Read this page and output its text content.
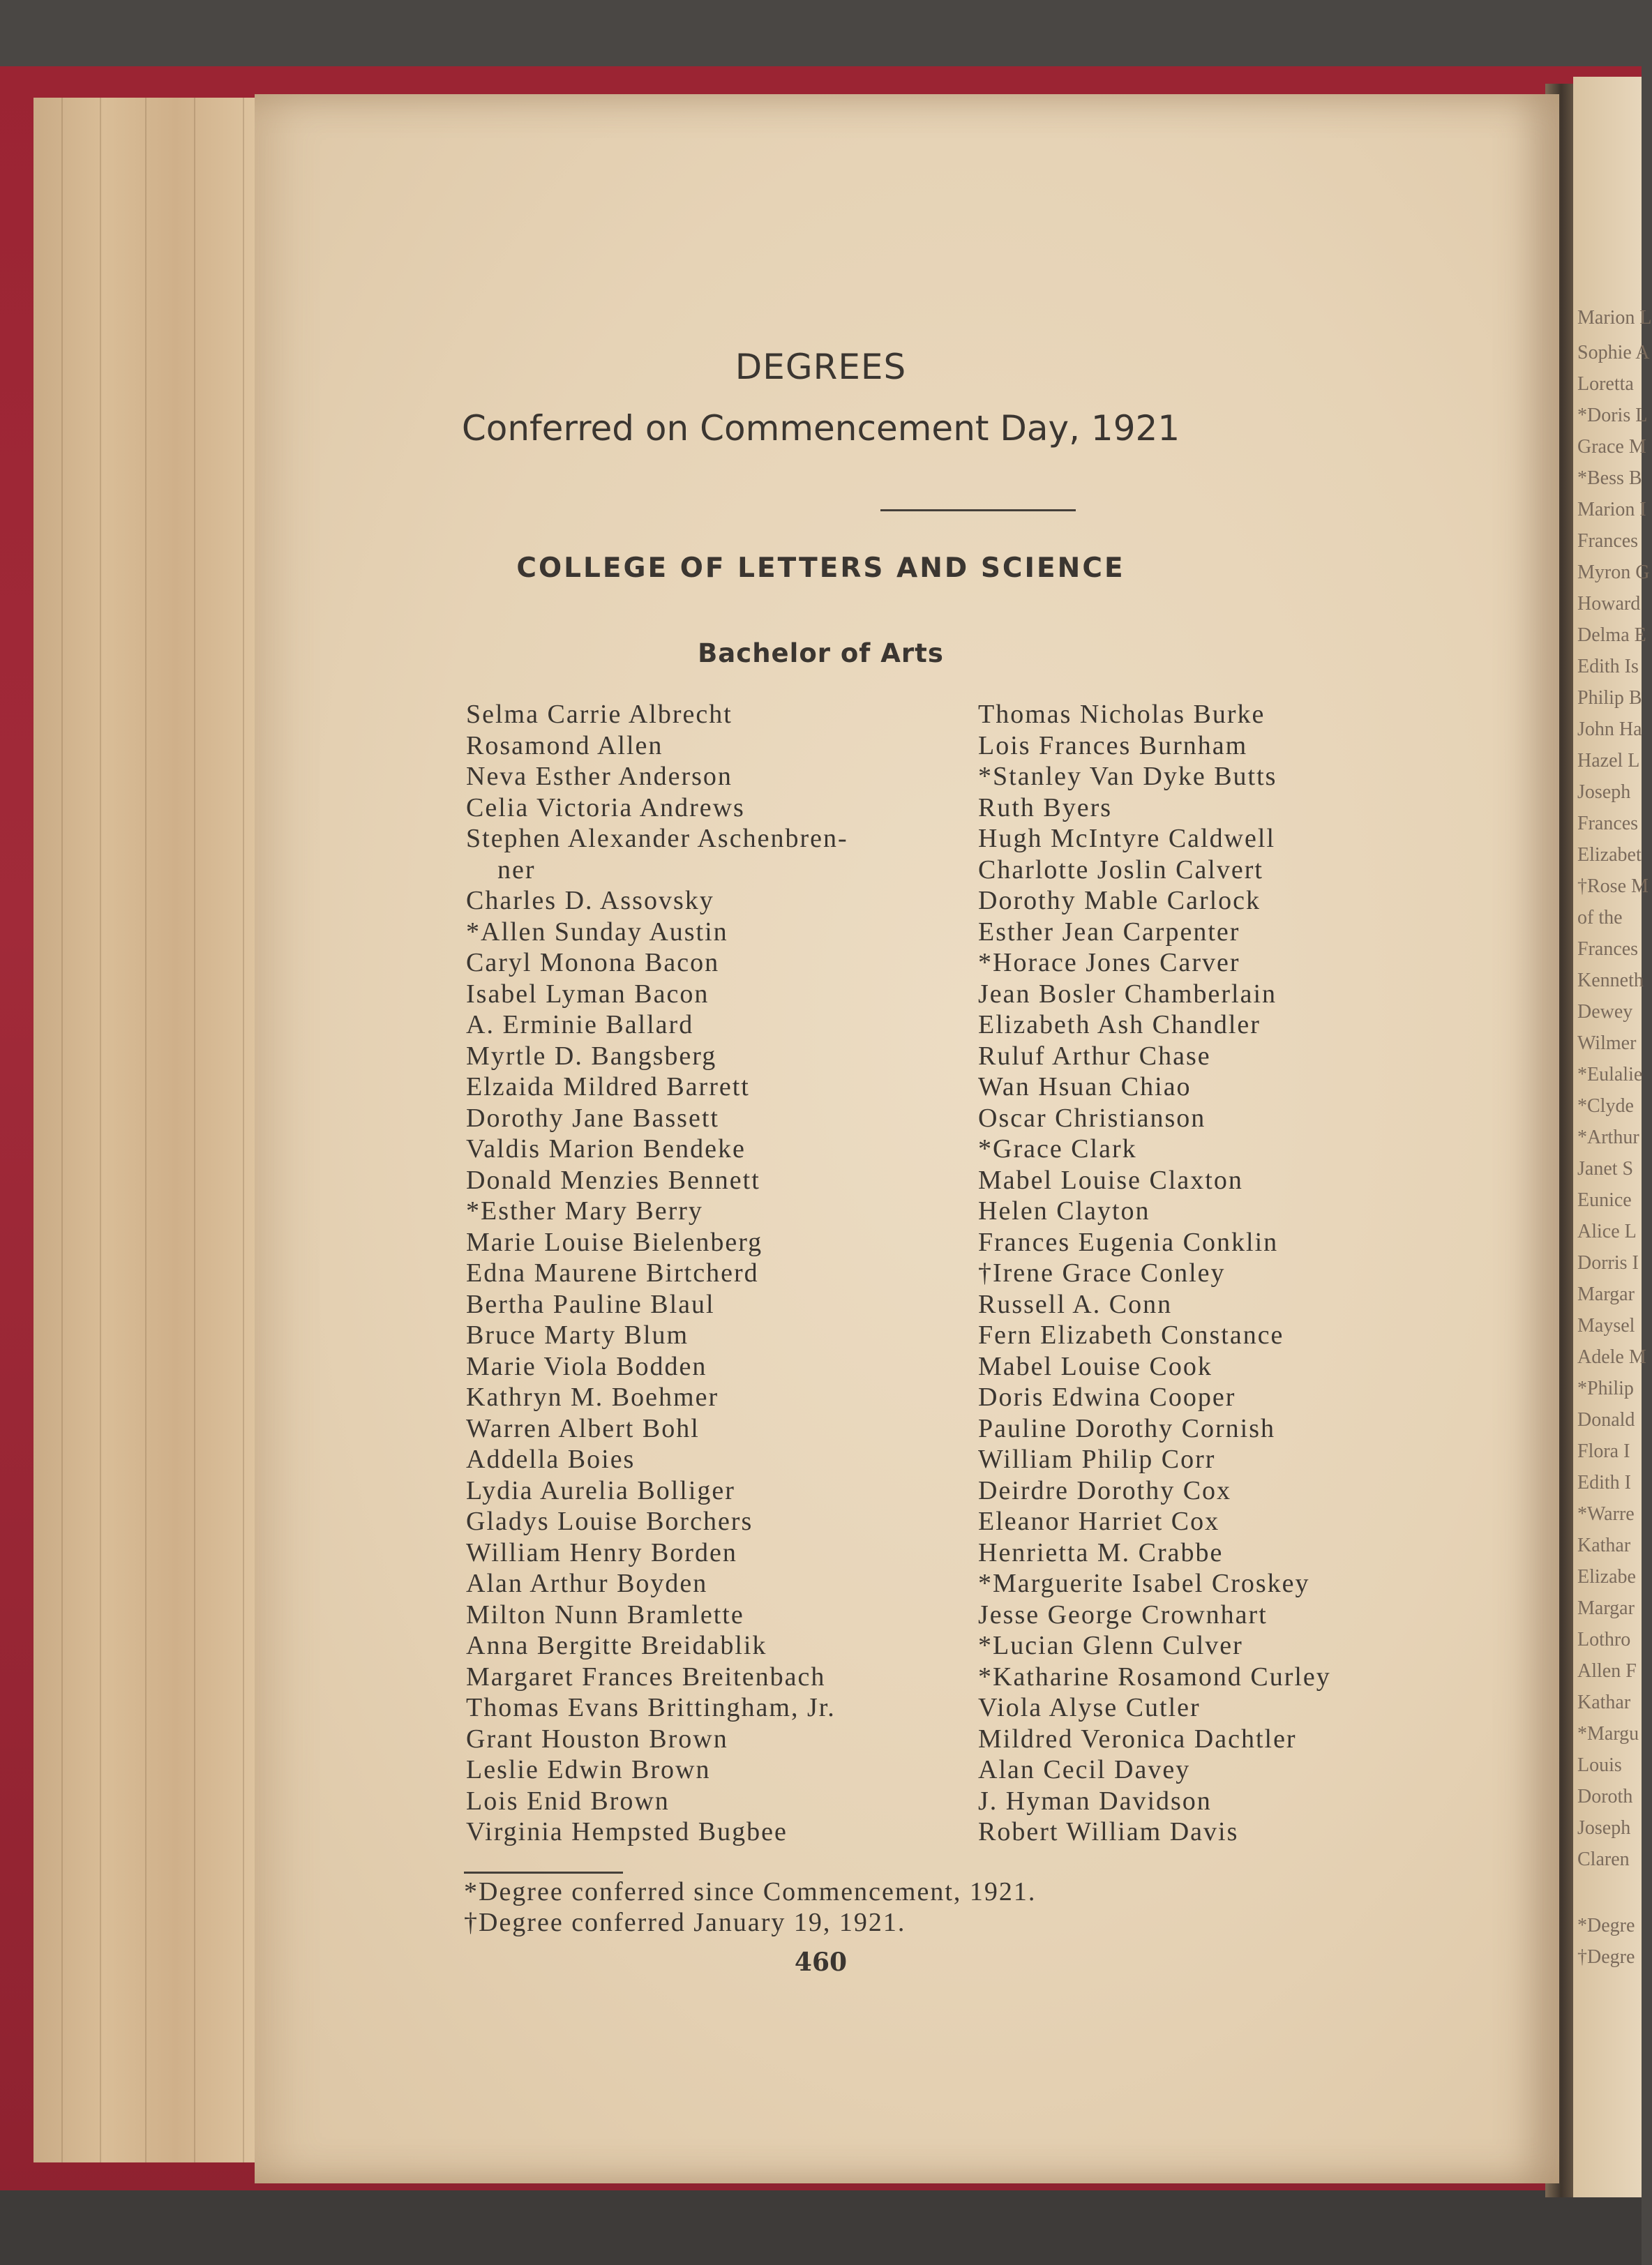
Marion L
Sophie A
Loretta
*Doris L
Grace M
*Bess B
Marion I
Frances
Myron G
Howard
Delma E
Edith Is
Philip B
John Ha
Hazel L
Joseph
Frances
Elizabet
†Rose M
of the
Frances
Kenneth
Dewey
Wilmer
*Eulalie
*Clyde
*Arthur
Janet S
Eunice
Alice L
Dorris I
Margar
Maysel
Adele M
*Philip
Donald
Flora I
Edith I
*Warre
Kathar
Elizabe
Margar
Lothro
Allen F
Kathar
*Margu
Louis
Doroth
Joseph
Claren
*Degre
†Degre
DEGREES
Conferred on Commencement Day, 1921
COLLEGE OF LETTERS AND SCIENCE
Bachelor of Arts
Selma Carrie Albrecht
Rosamond Allen
Neva Esther Anderson
Celia Victoria Andrews
Stephen Alexander Aschenbren-
ner
Charles D. Assovsky
*Allen Sunday Austin
Caryl Monona Bacon
Isabel Lyman Bacon
A. Erminie Ballard
Myrtle D. Bangsberg
Elzaida Mildred Barrett
Dorothy Jane Bassett
Valdis Marion Bendeke
Donald Menzies Bennett
*Esther Mary Berry
Marie Louise Bielenberg
Edna Maurene Birtcherd
Bertha Pauline Blaul
Bruce Marty Blum
Marie Viola Bodden
Kathryn M. Boehmer
Warren Albert Bohl
Addella Boies
Lydia Aurelia Bolliger
Gladys Louise Borchers
William Henry Borden
Alan Arthur Boyden
Milton Nunn Bramlette
Anna Bergitte Breidablik
Margaret Frances Breitenbach
Thomas Evans Brittingham, Jr.
Grant Houston Brown
Leslie Edwin Brown
Lois Enid Brown
Virginia Hempsted Bugbee
Thomas Nicholas Burke
Lois Frances Burnham
*Stanley Van Dyke Butts
Ruth Byers
Hugh McIntyre Caldwell
Charlotte Joslin Calvert
Dorothy Mable Carlock
Esther Jean Carpenter
*Horace Jones Carver
Jean Bosler Chamberlain
Elizabeth Ash Chandler
Ruluf Arthur Chase
Wan Hsuan Chiao
Oscar Christianson
*Grace Clark
Mabel Louise Claxton
Helen Clayton
Frances Eugenia Conklin
†Irene Grace Conley
Russell A. Conn
Fern Elizabeth Constance
Mabel Louise Cook
Doris Edwina Cooper
Pauline Dorothy Cornish
William Philip Corr
Deirdre Dorothy Cox
Eleanor Harriet Cox
Henrietta M. Crabbe
*Marguerite Isabel Croskey
Jesse George Crownhart
*Lucian Glenn Culver
*Katharine Rosamond Curley
Viola Alyse Cutler
Mildred Veronica Dachtler
Alan Cecil Davey
J. Hyman Davidson
Robert William Davis
*Degree conferred since Commencement, 1921.
†Degree conferred January 19, 1921.
460
